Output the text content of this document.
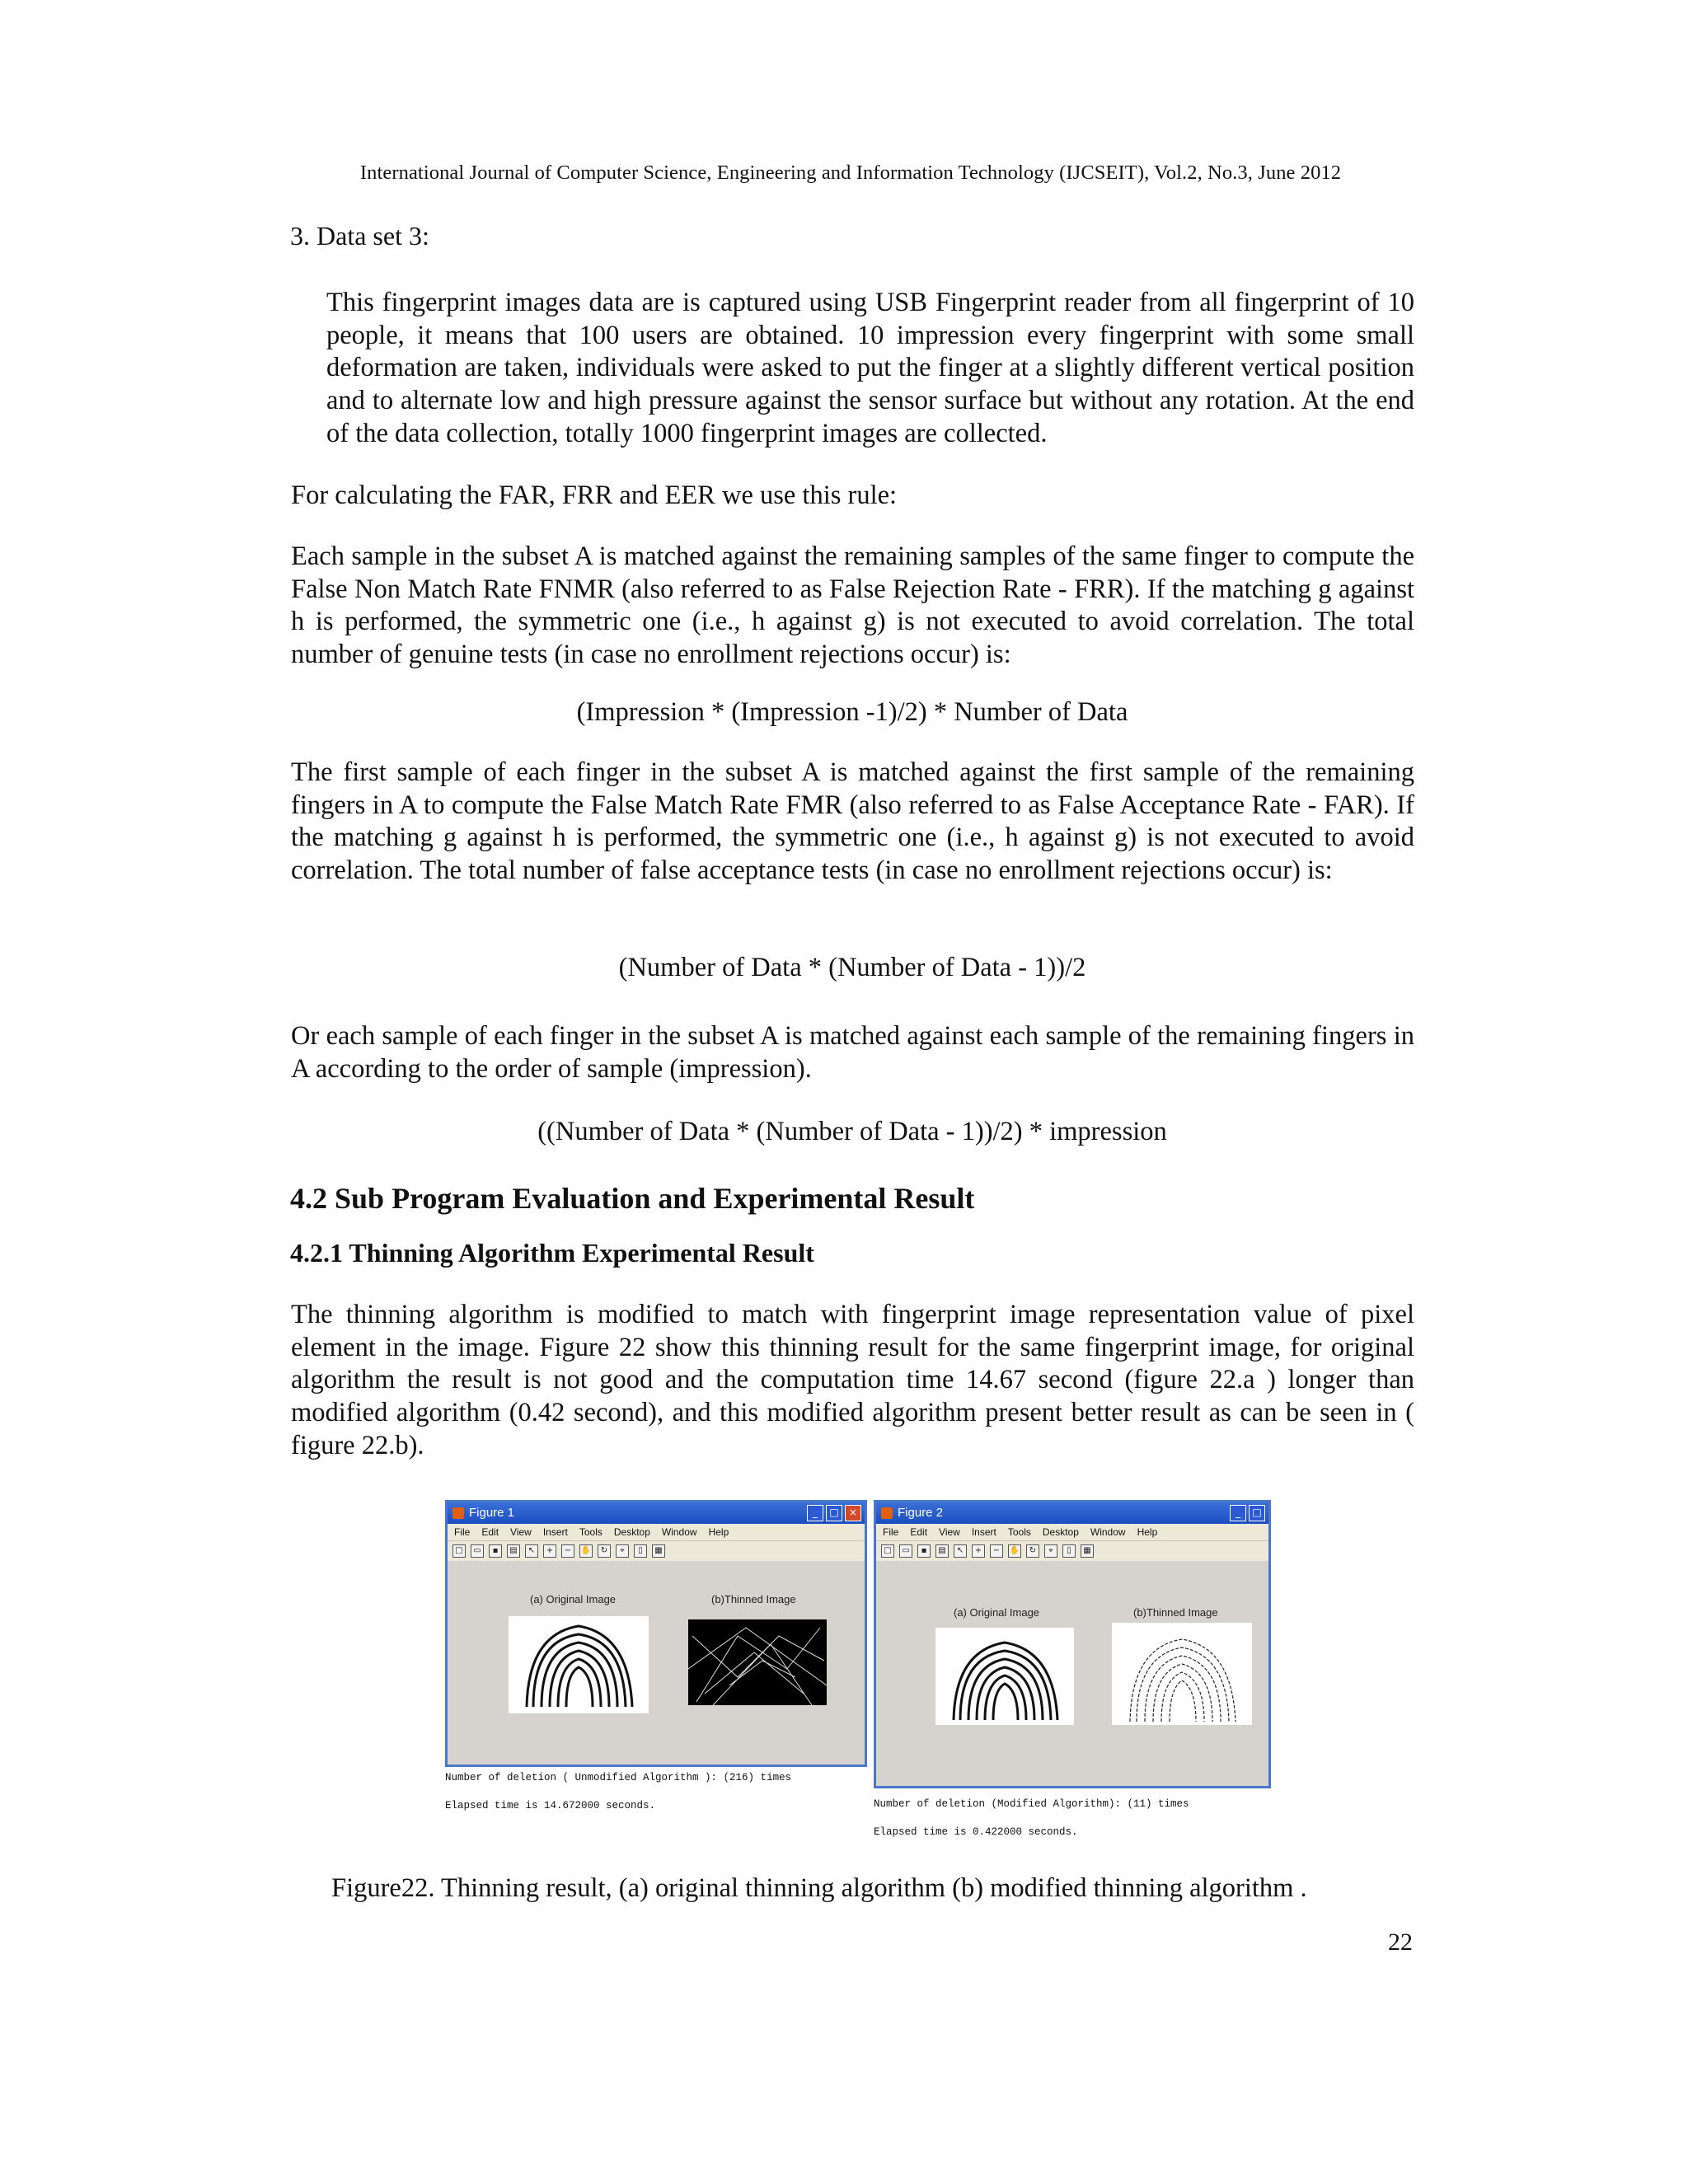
International Journal of Computer Science, Engineering and Information Technology (IJCSEIT), Vol.2, No.3, June 2012
3. Data set 3:

This fingerprint images data are is captured using USB Fingerprint reader from all fingerprint of 10 people, it means that 100 users are obtained. 10 impression every fingerprint with some small deformation are taken, individuals were asked to put the finger at a slightly different vertical position and to alternate low and high pressure against the sensor surface but without any rotation. At the end of the data collection, totally 1000 fingerprint images are collected.

For calculating the FAR, FRR and EER we use this rule:

Each sample in the subset A is matched against the remaining samples of the same finger to compute the False Non Match Rate FNMR (also referred to as False Rejection Rate - FRR). If the matching g against h is performed, the symmetric one (i.e., h against g) is not executed to avoid correlation. The total number of genuine tests (in case no enrollment rejections occur) is:

(Impression * (Impression -1)/2) * Number of Data

The first sample of each finger in the subset A is matched against the first sample of the remaining fingers in A to compute the False Match Rate FMR (also referred to as False Acceptance Rate - FAR). If the matching g against h is performed, the symmetric one (i.e., h against g) is not executed to avoid correlation. The total number of false acceptance tests (in case no enrollment rejections occur) is:

(Number of Data * (Number of Data - 1))/2

Or each sample of each finger in the subset A is matched against each sample of the remaining fingers in A according to the order of sample (impression).

((Number of Data * (Number of Data - 1))/2) * impression
4.2 Sub Program Evaluation and Experimental Result
4.2.1 Thinning Algorithm Experimental Result

The thinning algorithm is modified to match with fingerprint image representation value of pixel element in the image. Figure 22 show this thinning result for the same fingerprint image, for original algorithm the result is not good and the computation time 14.67 second (figure 22.a ) longer than modified algorithm (0.42 second), and this modified algorithm present better result as can be seen in ( figure 22.b).

Figure 1	_	□	×
File Edit View Insert Tools Desktop Window Help
□	▭	▪	▤	↖	+	−	✋	↻	⌖	▯	▦
(a) Original Image	(b)Thinned Image
Number of deletion ( Unmodified Algorithm ): (216) times
Elapsed time is 14.672000 seconds.
Figure 2	_	□
File Edit View Insert Tools Desktop Window Help
□	▭	▪	▤	↖	+	−	✋	↻	⌖	▯	▦
(a) Original Image	(b)Thinned Image
Number of deletion (Modified Algorithm): (11) times
Elapsed time is 0.422000 seconds.
Figure22. Thinning result, (a) original thinning algorithm (b) modified thinning algorithm .
22
